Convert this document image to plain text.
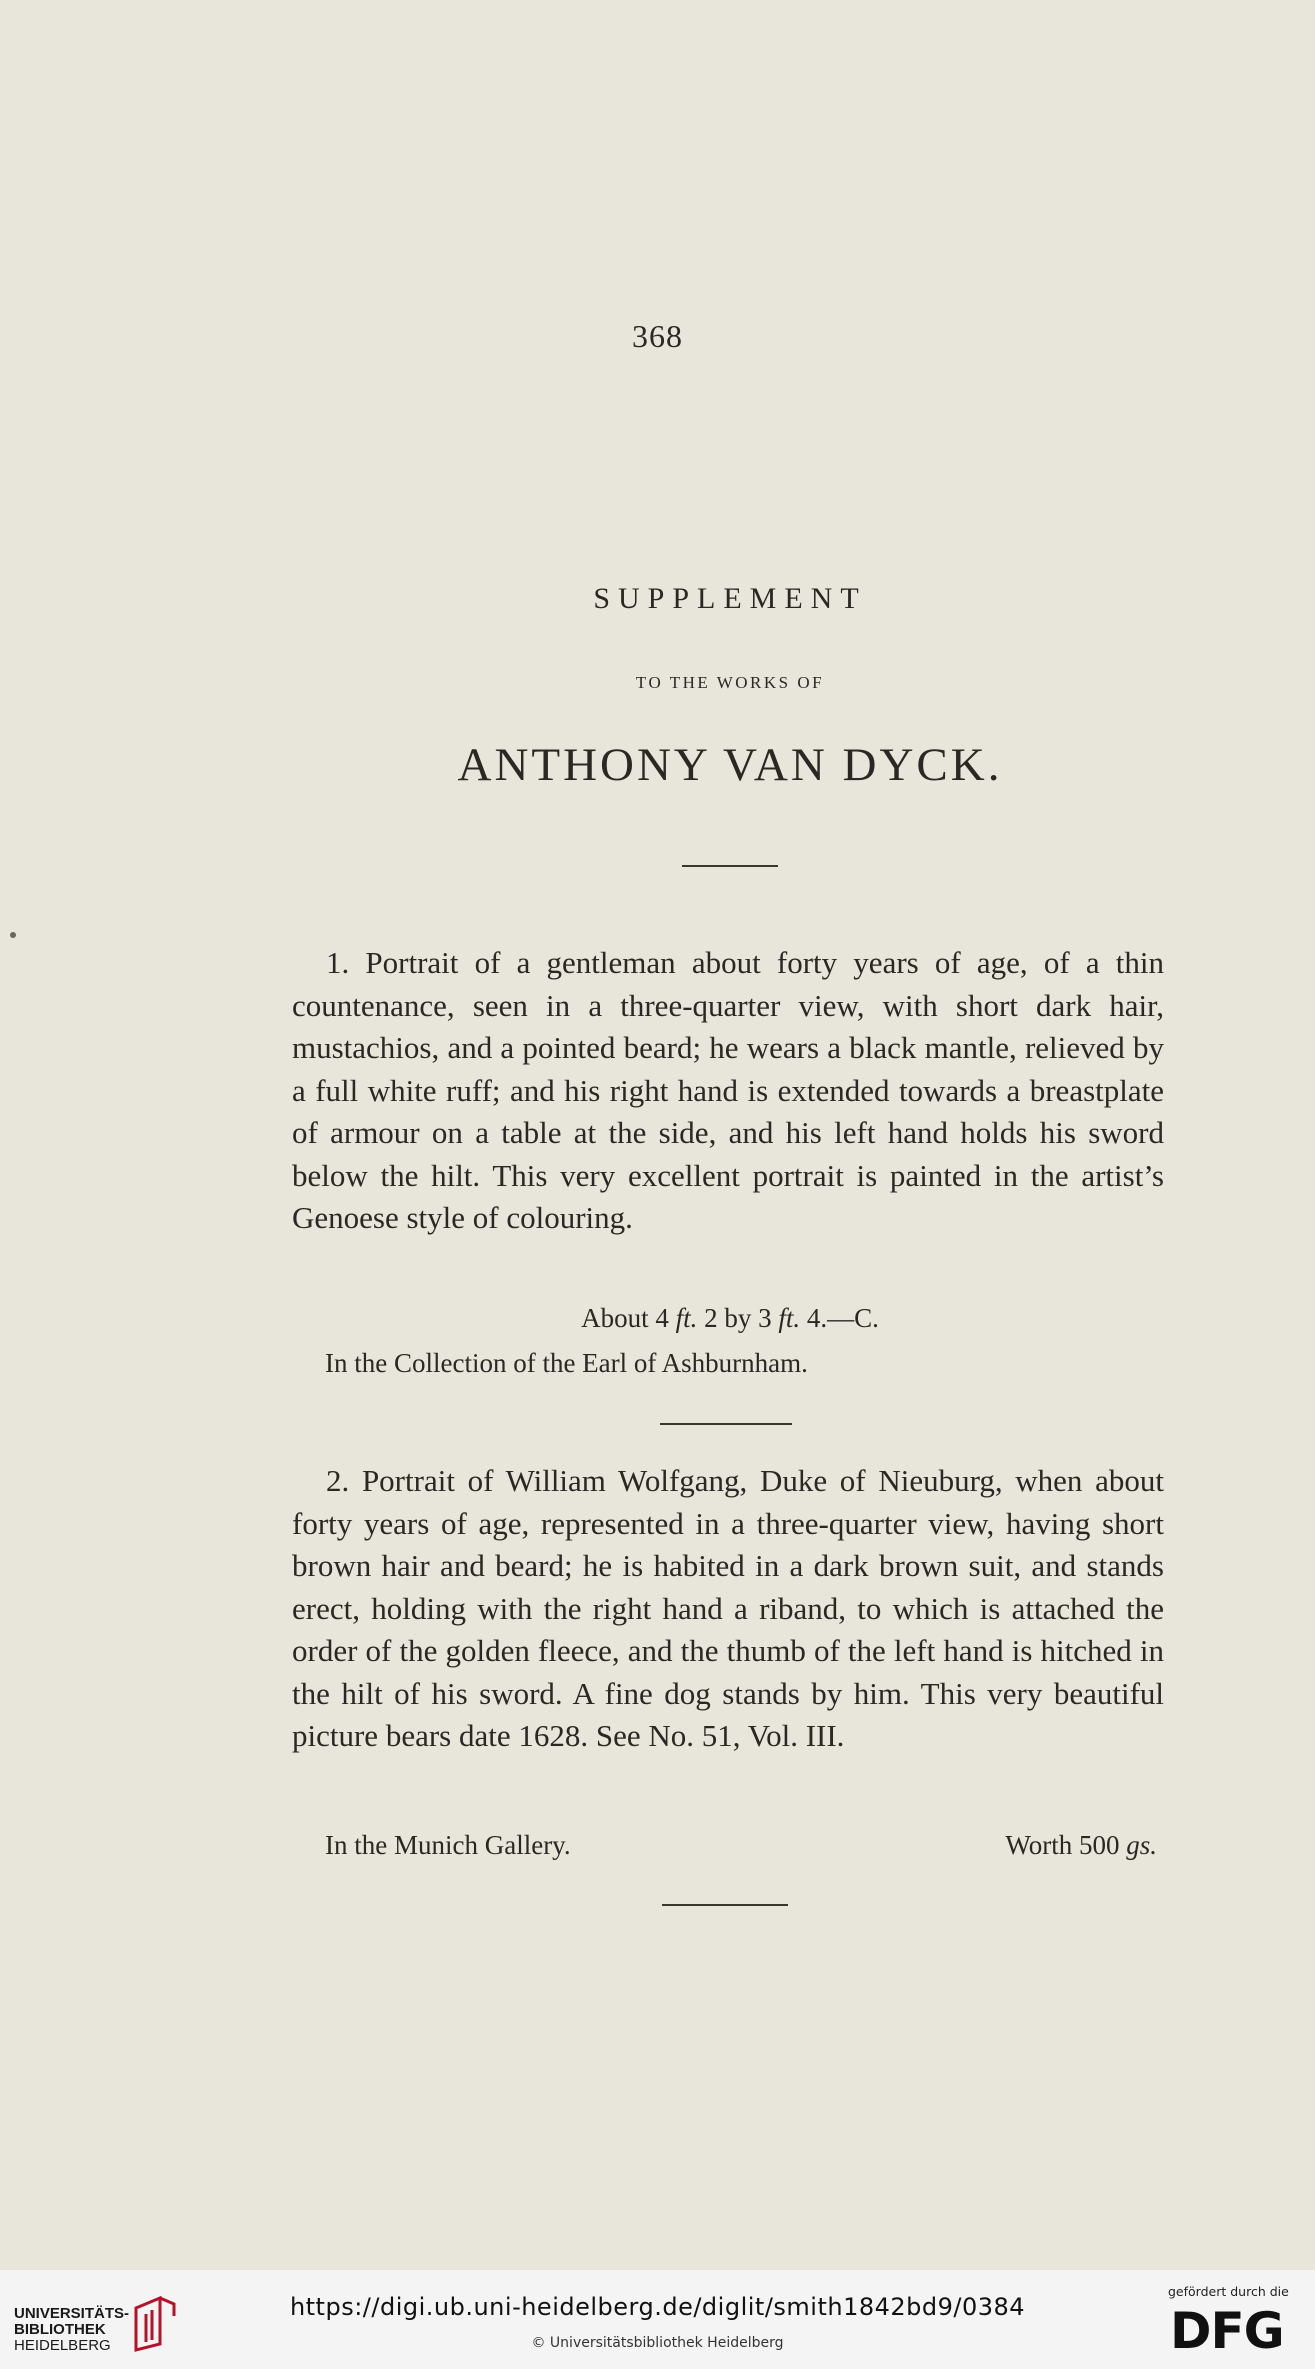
368
SUPPLEMENT
TO THE WORKS OF
ANTHONY VAN DYCK.

1. Portrait of a gentleman about forty years of age, of a thin countenance, seen in a three-quarter view, with short dark hair, mustachios, and a pointed beard; he wears a black mantle, relieved by a full white ruff; and his right hand is extended towards a breastplate of armour on a table at the side, and his left hand holds his sword below the hilt. This very excellent portrait is painted in the artist’s Genoese style of colouring.

About 4 ft. 2 by 3 ft. 4.—C.
In the Collection of the Earl of Ashburnham.

2. Portrait of William Wolfgang, Duke of Nieuburg, when about forty years of age, represented in a three-quarter view, having short brown hair and beard; he is habited in a dark brown suit, and stands erect, holding with the right hand a riband, to which is attached the order of the golden fleece, and the thumb of the left hand is hitched in the hilt of his sword. A fine dog stands by him. This very beautiful picture bears date 1628. See No. 51, Vol. III.

In the Munich Gallery.	Worth 500 gs.
UNIVERSITÄTS-
BIBLIOTHEK
HEIDELBERG
https://digi.ub.uni-heidelberg.de/diglit/smith1842bd9/0384
© Universitätsbibliothek Heidelberg
gefördert durch die
DFG
